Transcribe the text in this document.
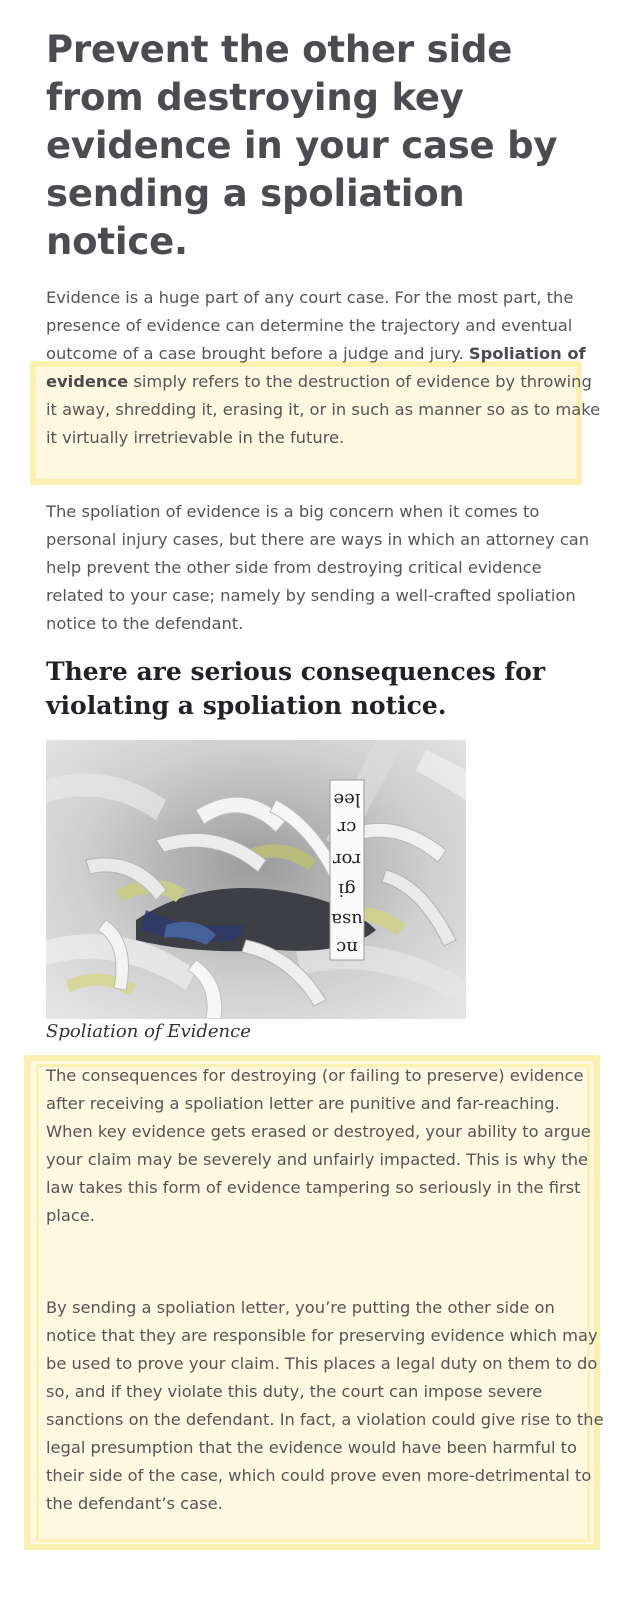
Prevent the other side from destroying key evidence in your case by sending a spoliation notice.

Evidence is a huge part of any court case. For the most part, the presence of evidence can determine the trajectory and eventual outcome of a case brought before a judge and jury. Spoliation of evidence simply refers to the destruction of evidence by throwing it away, shredding it, erasing it, or in such as manner so as to make it virtually irretrievable in the future.

The spoliation of evidence is a big concern when it comes to personal injury cases, but there are ways in which an attorney can help prevent the other side from destroying critical evidence related to your case; namely by sending a well-crafted spoliation notice to the defendant.

There are serious consequences for violating a spoliation notice.
lee
cr
ror
gi
usa
nc

Spoliation of Evidence

The consequences for destroying (or failing to preserve) evidence after receiving a spoliation letter are punitive and far-reaching. When key evidence gets erased or destroyed, your ability to argue your claim may be severely and unfairly impacted. This is why the law takes this form of evidence tampering so seriously in the first place.

By sending a spoliation letter, you’re putting the other side on notice that they are responsible for preserving evidence which may be used to prove your claim. This places a legal duty on them to do so, and if they violate this duty, the court can impose severe sanctions on the defendant. In fact, a violation could give rise to the legal presumption that the evidence would have been harmful to their side of the case, which could prove even more-detrimental to the defendant’s case.
